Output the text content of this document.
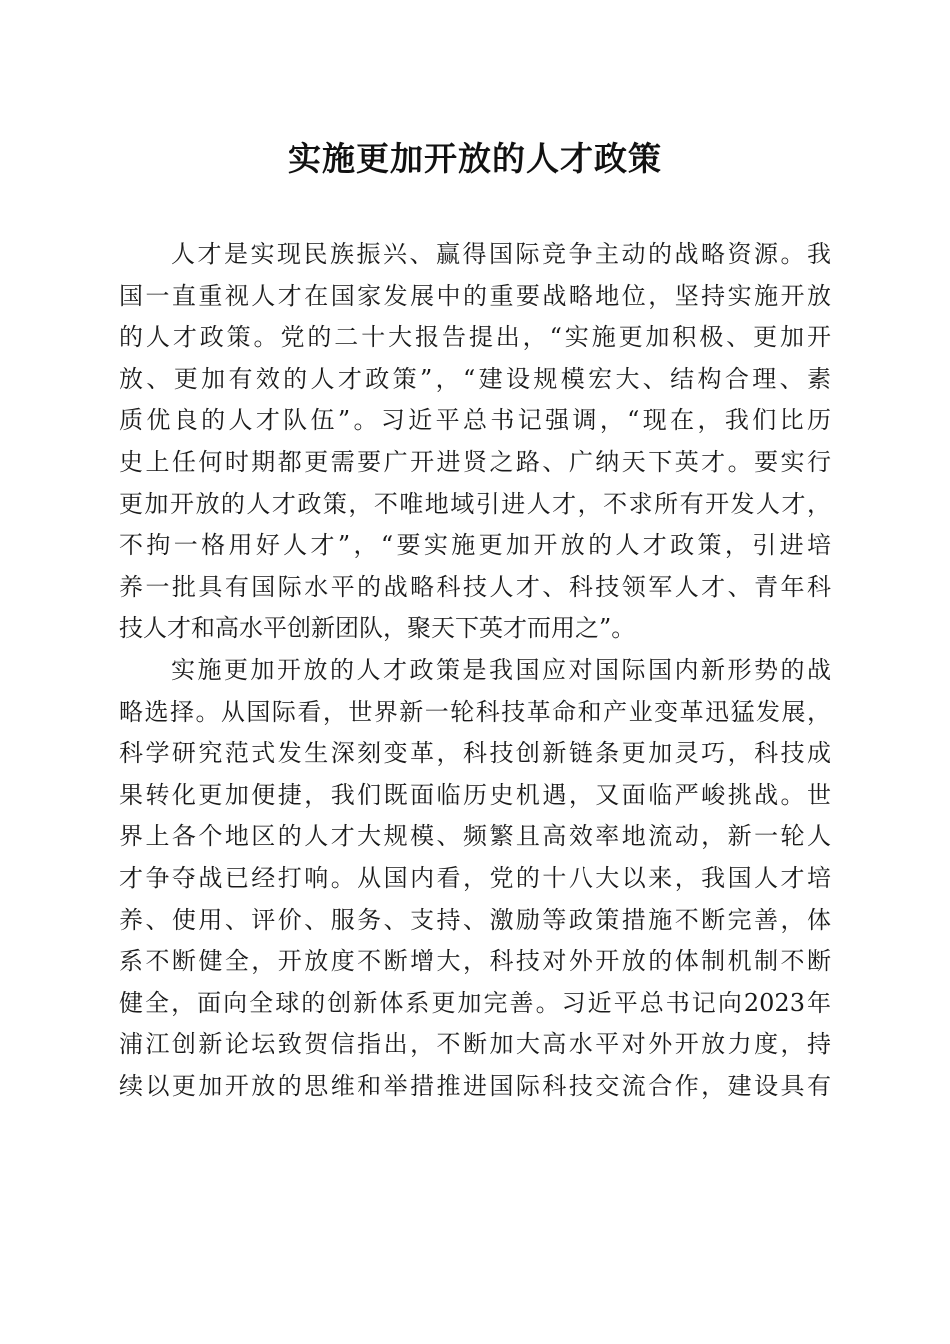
实施更加开放的人才政策
人才是实现民族振兴、赢得国际竞争主动的战略资源。我
国一直重视人才在国家发展中的重要战略地位，坚持实施开放
的人才政策。党的二十大报告提出，“实施更加积极、更加开
放、更加有效的人才政策”，“建设规模宏大、结构合理、素
质优良的人才队伍”。习近平总书记强调，“现在，我们比历
史上任何时期都更需要广开进贤之路、广纳天下英才。要实行
更加开放的人才政策，不唯地域引进人才，不求所有开发人才，
不拘一格用好人才”，“要实施更加开放的人才政策，引进培
养一批具有国际水平的战略科技人才、科技领军人才、青年科
技人才和高水平创新团队，聚天下英才而用之”。
实施更加开放的人才政策是我国应对国际国内新形势的战
略选择。从国际看，世界新一轮科技革命和产业变革迅猛发展，
科学研究范式发生深刻变革，科技创新链条更加灵巧，科技成
果转化更加便捷，我们既面临历史机遇，又面临严峻挑战。世
界上各个地区的人才大规模、频繁且高效率地流动，新一轮人
才争夺战已经打响。从国内看，党的十八大以来，我国人才培
养、使用、评价、服务、支持、激励等政策措施不断完善，体
系不断健全，开放度不断增大，科技对外开放的体制机制不断
健全，面向全球的创新体系更加完善。习近平总书记向2023年
浦江创新论坛致贺信指出，不断加大高水平对外开放力度，持
续以更加开放的思维和举措推进国际科技交流合作，建设具有
